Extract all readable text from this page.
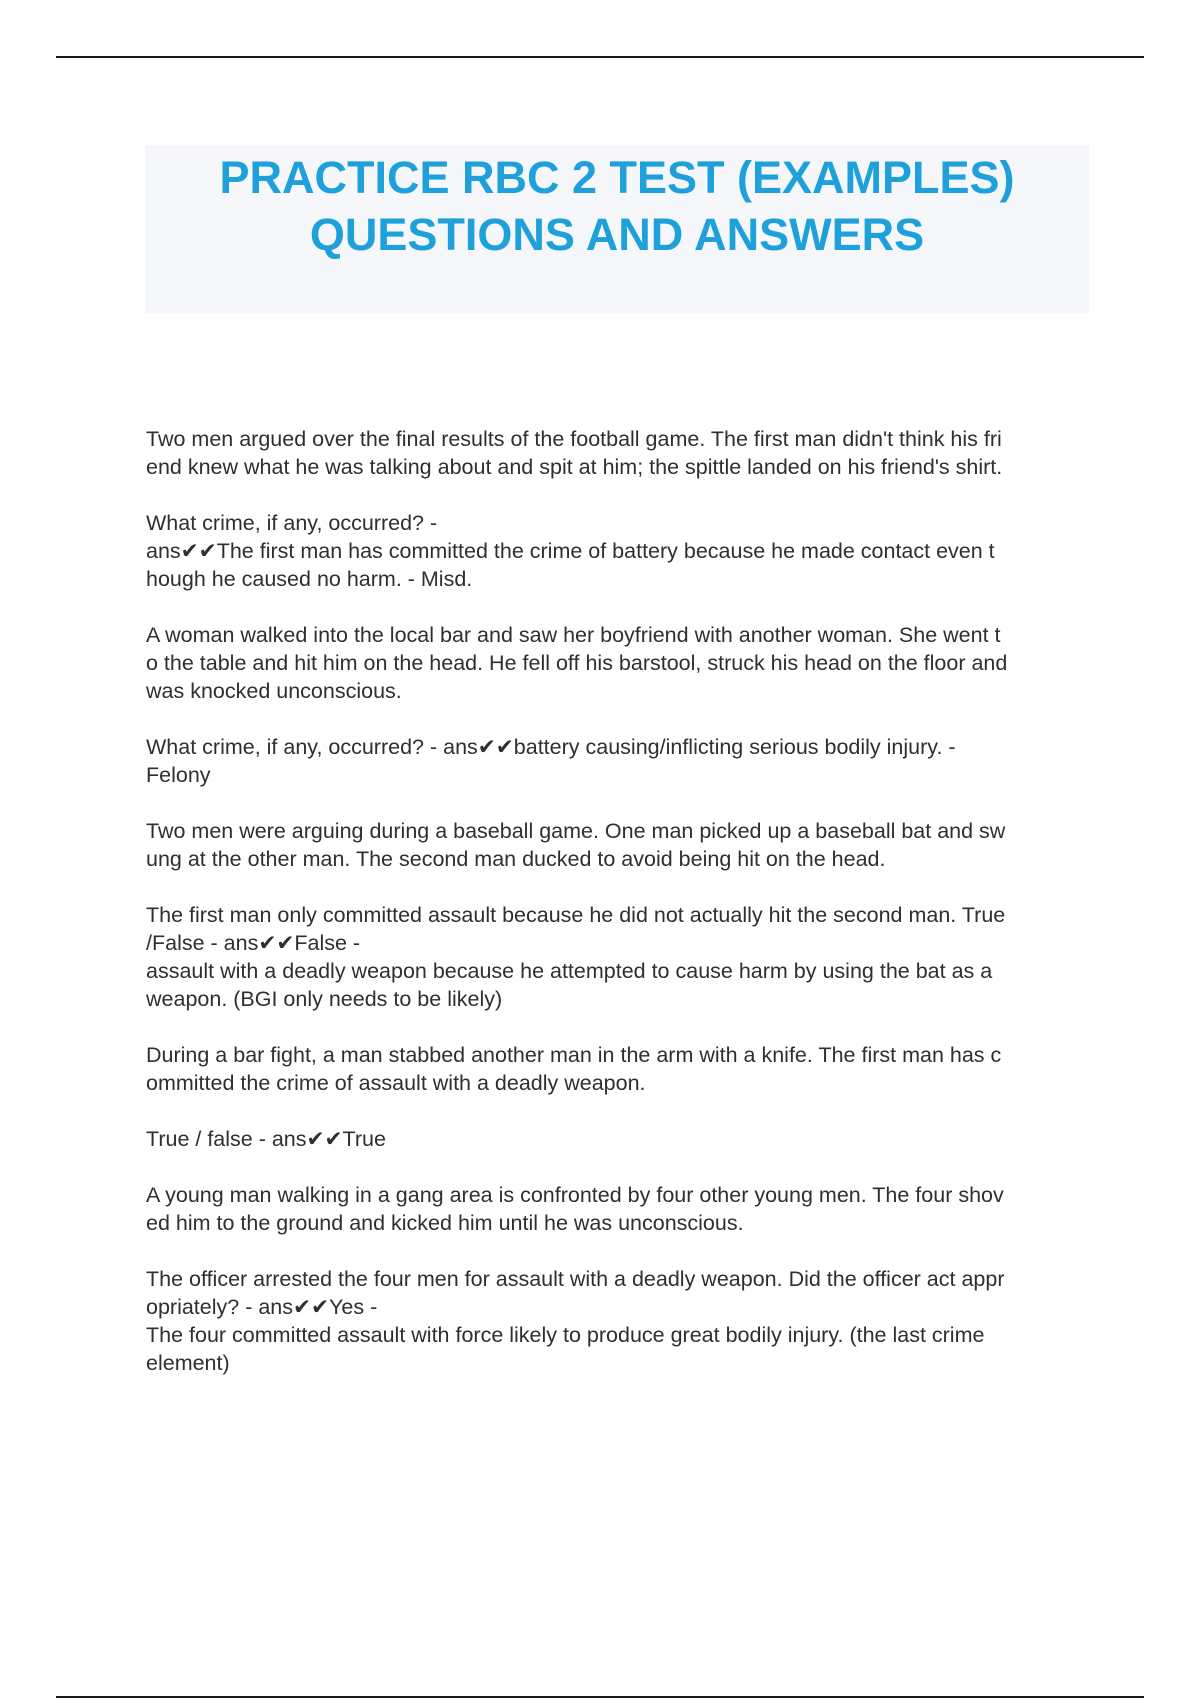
PRACTICE RBC 2 TEST (EXAMPLES)
QUESTIONS AND ANSWERS

Two men argued over the final results of the football game. The first man didn't think his fri
end knew what he was talking about and spit at him; the spittle landed on his friend's shirt.

What crime, if any, occurred? -
ans✔✔The first man has committed the crime of battery because he made contact even t
hough he caused no harm. - Misd.

A woman walked into the local bar and saw her boyfriend with another woman. She went t
o the table and hit him on the head. He fell off his barstool, struck his head on the floor and
was knocked unconscious.

What crime, if any, occurred? - ans✔✔battery causing/inflicting serious bodily injury. -
Felony

Two men were arguing during a baseball game. One man picked up a baseball bat and sw
ung at the other man. The second man ducked to avoid being hit on the head.

The first man only committed assault because he did not actually hit the second man. True
/False - ans✔✔False -
assault with a deadly weapon because he attempted to cause harm by using the bat as a
weapon. (BGI only needs to be likely)

During a bar fight, a man stabbed another man in the arm with a knife. The first man has c
ommitted the crime of assault with a deadly weapon.

True / false - ans✔✔True

A young man walking in a gang area is confronted by four other young men. The four shov
ed him to the ground and kicked him until he was unconscious.

The officer arrested the four men for assault with a deadly weapon. Did the officer act appr
opriately? - ans✔✔Yes -
The four committed assault with force likely to produce great bodily injury. (the last crime
element)
